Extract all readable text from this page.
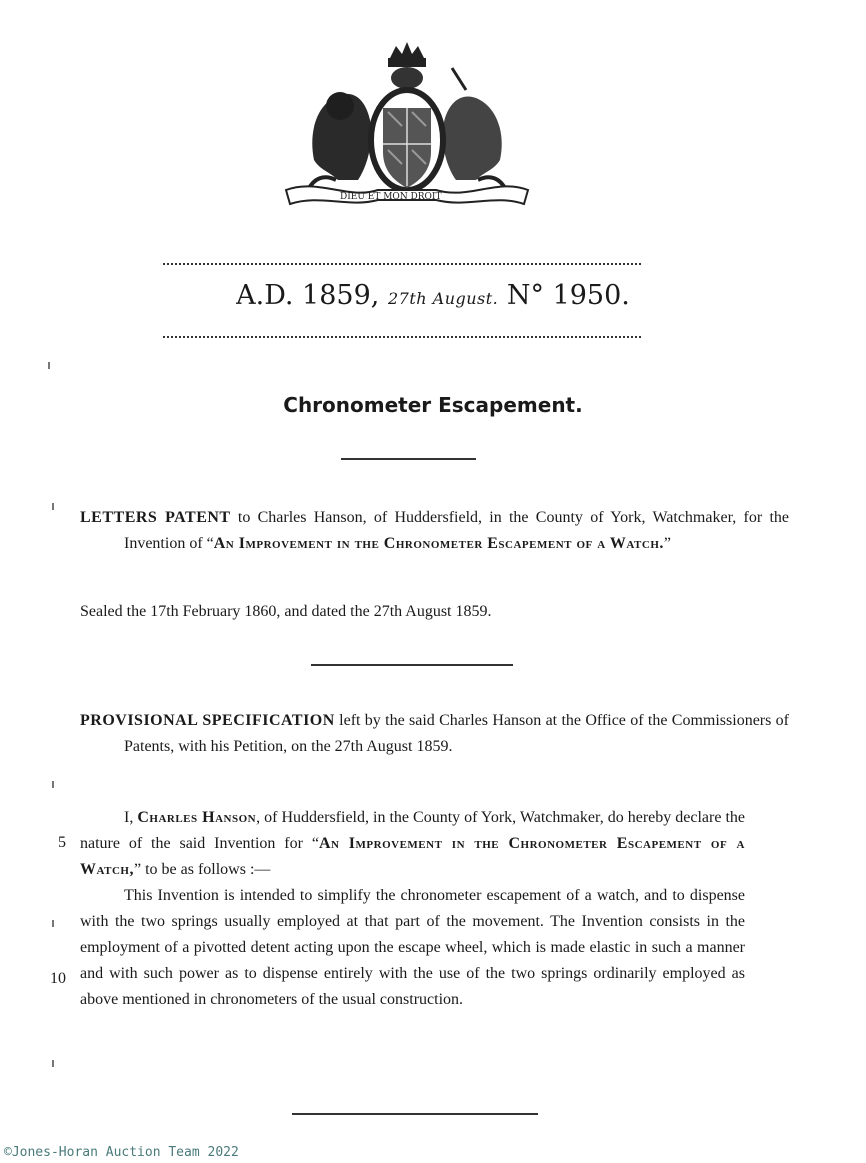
DIEU ET MON DROIT
A.D. 1859, 27th August. N° 1950.
Chronometer Escapement.
LETTERS PATENT to Charles Hanson, of Huddersfield, in the County of York, Watchmaker, for the Invention of “An Improvement in the Chronometer Escapement of a Watch.”
Sealed the 17th February 1860, and dated the 27th August 1859.
PROVISIONAL SPECIFICATION left by the said Charles Hanson at the Office of the Commissioners of Patents, with his Petition, on the 27th August 1859.
5
10

I, Charles Hanson, of Huddersfield, in the County of York, Watchmaker, do hereby declare the nature of the said Invention for “An Improvement in the Chronometer Escapement of a Watch,” to be as follows :—

This Invention is intended to simplify the chronometer escapement of a watch, and to dispense with the two springs usually employed at that part of the movement. The Invention consists in the employment of a pivotted detent acting upon the escape wheel, which is made elastic in such a manner and with such power as to dispense entirely with the use of the two springs ordinarily employed as above mentioned in chronometers of the usual construction.

©Jones-Horan Auction Team 2022
